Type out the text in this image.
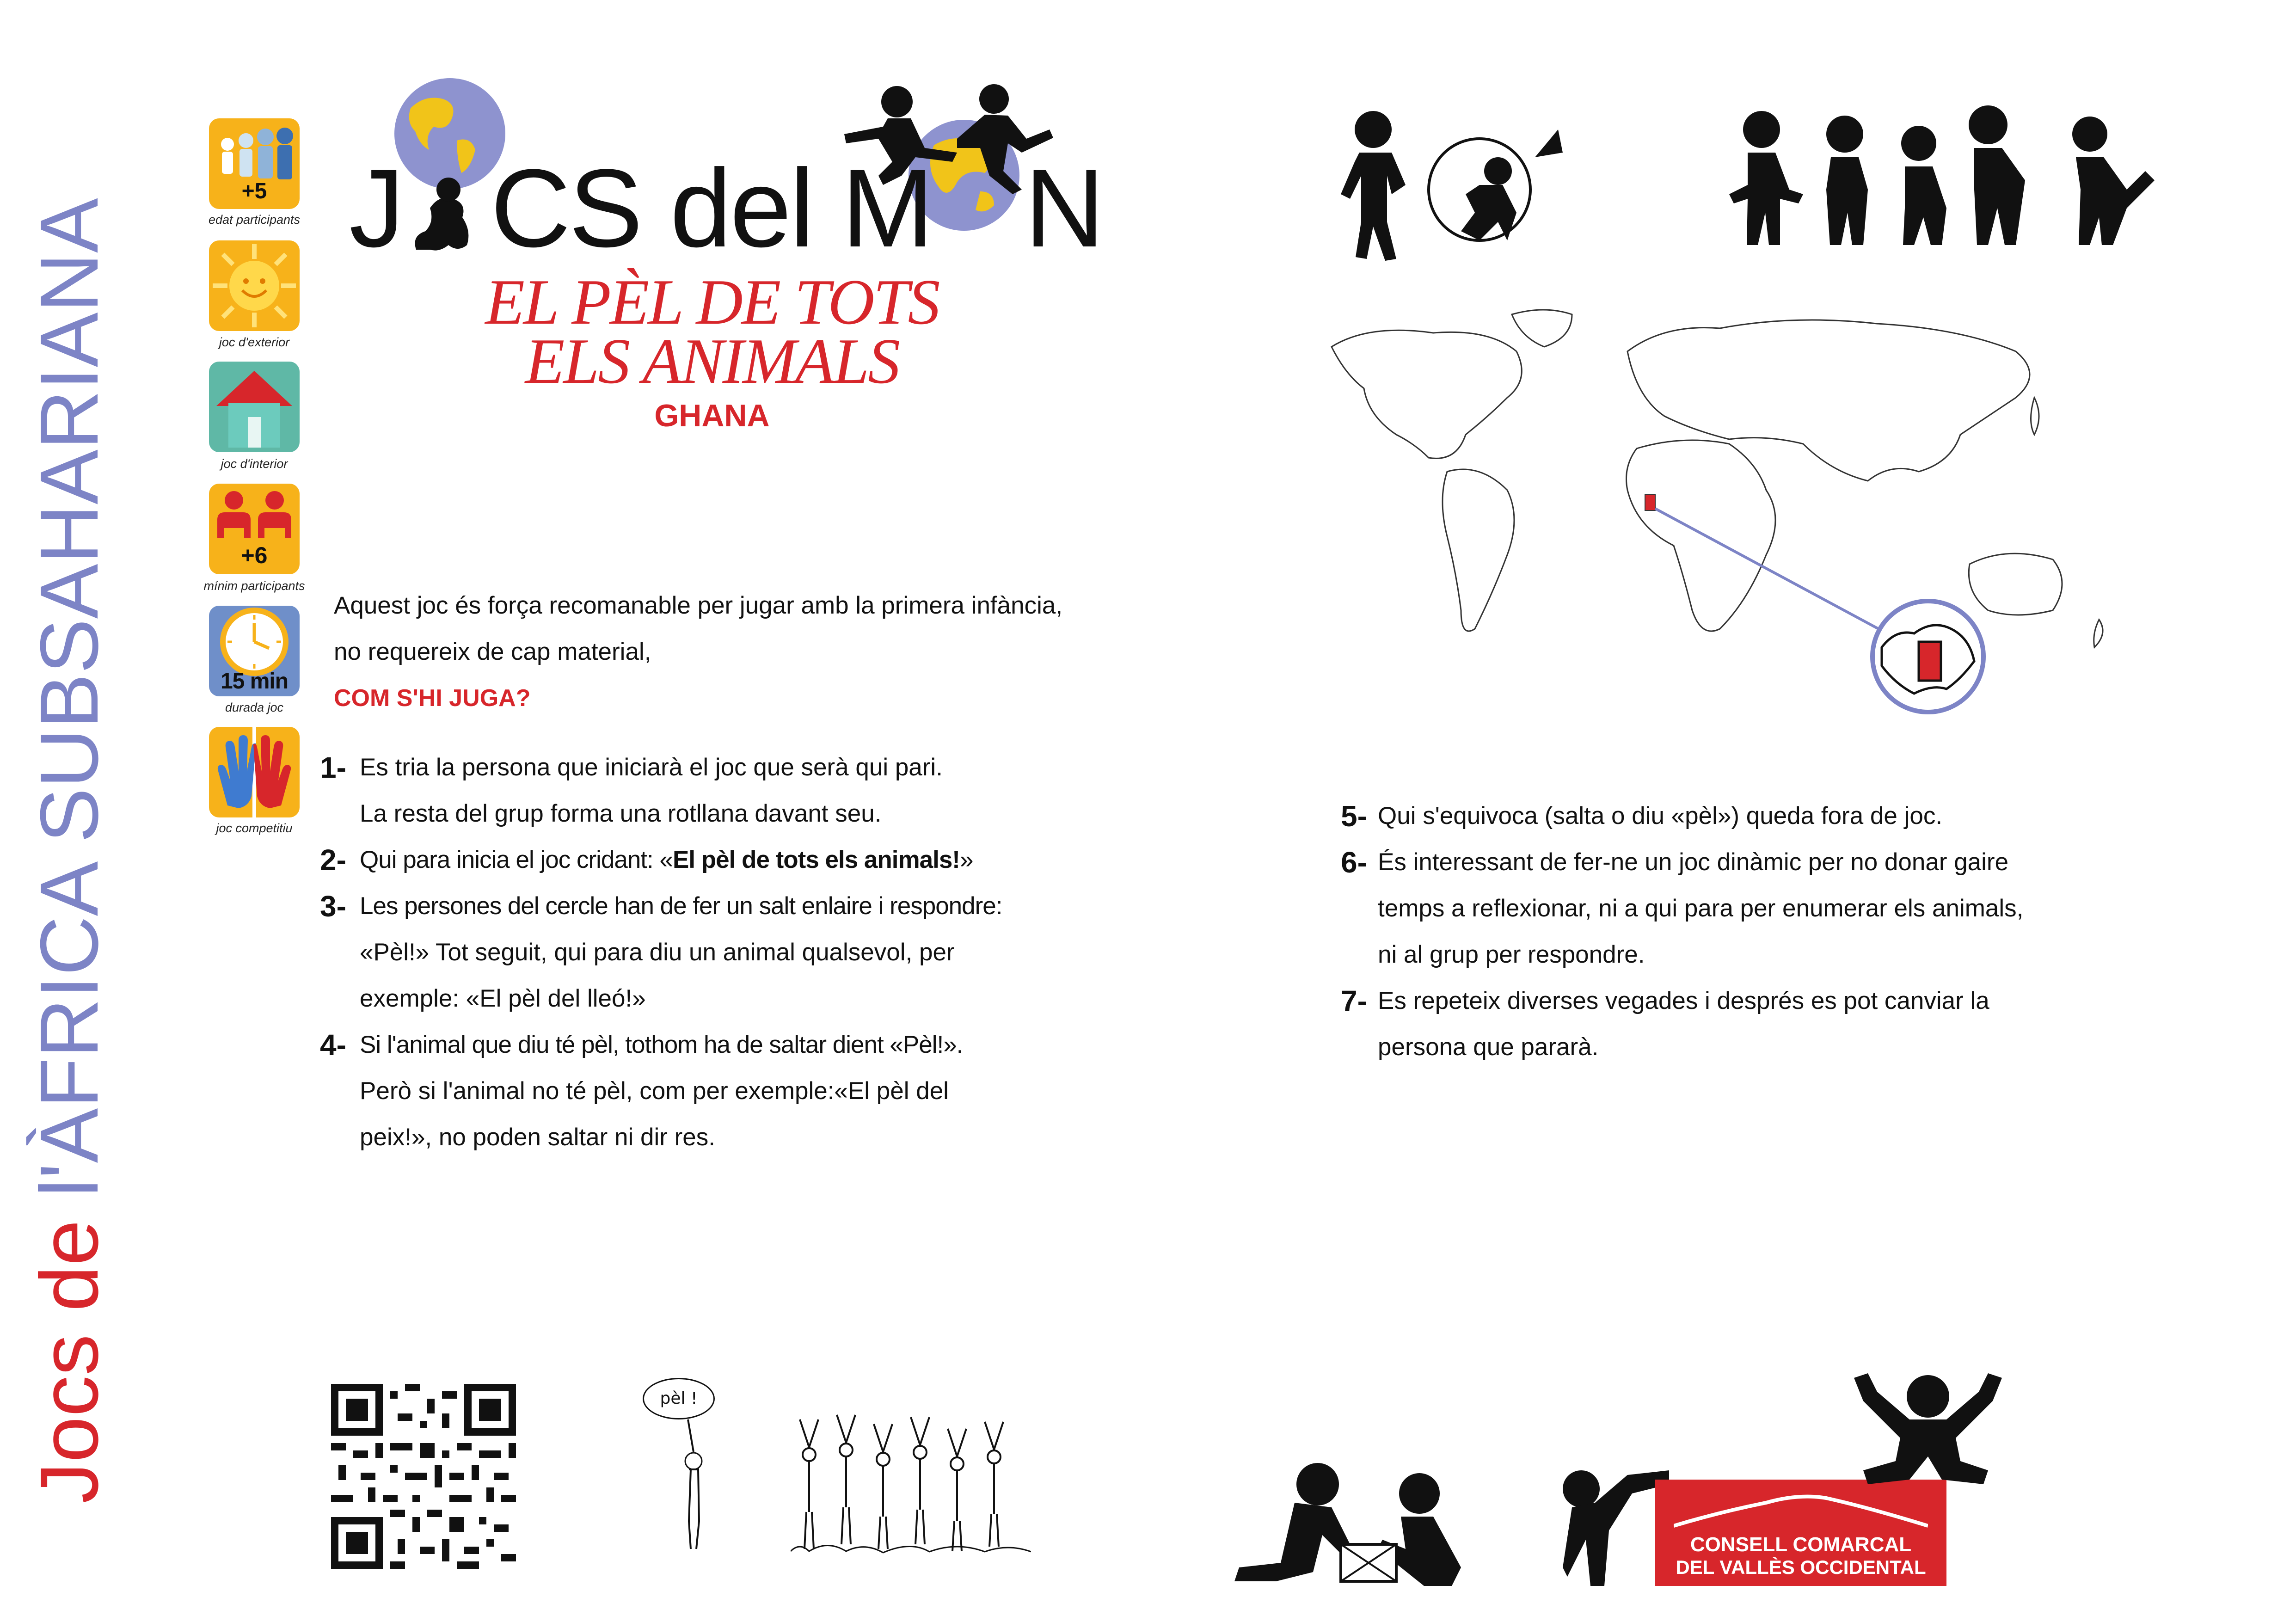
Jocs de l'ÀFRICA SUBSAHARIANA
+5
edat participants
joc d'exterior
joc d'interior
+6
mínim participants
15 min
durada joc
joc competitiu
J CS del M N
EL PÈL DE TOTS
ELS ANIMALS
GHANA
Aquest joc és força recomanable per jugar amb la primera infància, no requereix de cap material,
COM S'HI JUGA?
1- Es tria la persona que iniciarà el joc que serà qui pari.
La resta del grup forma una rotllana davant seu.
2- Qui para inicia el joc cridant: «El pèl de tots els animals!»
3- Les persones del cercle han de fer un salt enlaire i respondre:
«Pèl!» Tot seguit, qui para diu un animal qualsevol, per
exemple: «El pèl del lleó!»
4- Si l'animal que diu té pèl, tothom ha de saltar dient «Pèl!».
Però si l'animal no té pèl, com per exemple:«El pèl del
peix!», no poden saltar ni dir res.
5- Qui s'equivoca (salta o diu «pèl») queda fora de joc.
6- És interessant de fer-ne un joc dinàmic per no donar gaire
temps a reflexionar, ni a qui para per enumerar els animals,
ni al grup per respondre.
7- Es repeteix diverses vegades i després es pot canviar la
persona que pararà.
pèl !
CONSELL COMARCAL
DEL VALLÈS OCCIDENTAL
